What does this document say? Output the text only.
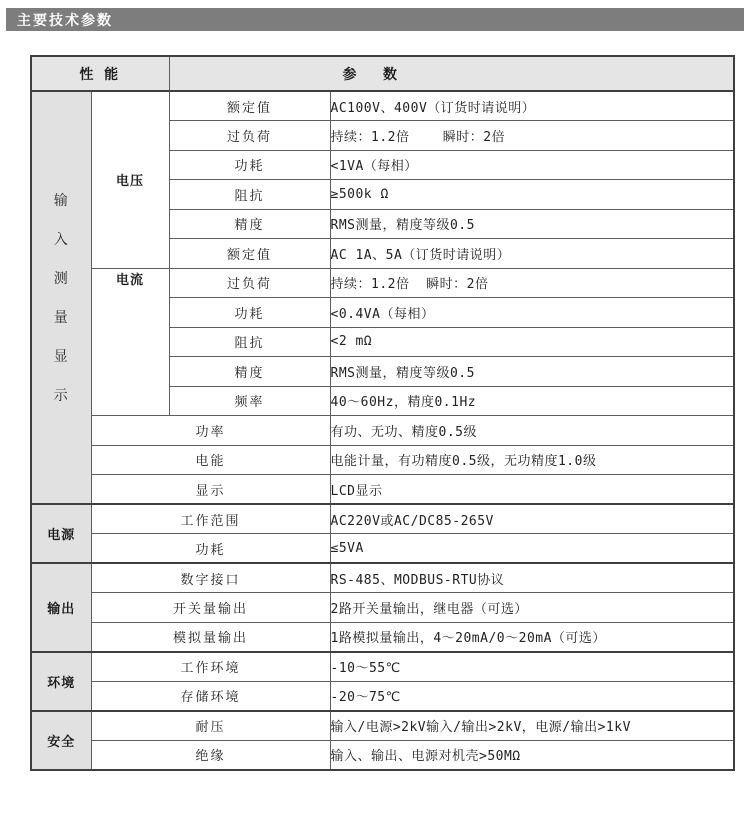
主要技术参数
性 能		参   数	

输
入
测
量
显
示
	电压	额定值	AC100V、400V（订货时请说明）
		过负荷	持续：1.2倍    瞬时：2倍
		功耗	<1VA（每相）
		阻抗	≥500k Ω
		精度	RMS测量，精度等级0.5
		额定值	AC 1A、5A（订货时请说明）
	电流	过负荷	持续：1.2倍  瞬时：2倍
		功耗	<0.4VA（每相）
		阻抗	<2 mΩ
		精度	RMS测量，精度等级0.5
		频率	40～60Hz，精度0.1Hz
	功率		有功、无功、精度0.5级
	电能		电能计量，有功精度0.5级，无功精度1.0级
	显示		LCD显示
电源	工作范围		AC220V或AC/DC85-265V
	功耗		≤5VA
输出	数字接口		RS-485、MODBUS-RTU协议
	开关量输出		2路开关量输出，继电器（可选）
	模拟量输出		1路模拟量输出，4～20mA/0～20mA（可选）
环境	工作环境		-10～55℃
	存储环境		-20～75℃
安全	耐压		输入/电源>2kV输入/输出>2kV，电源/输出>1kV
	绝缘		输入、输出、电源对机壳>50MΩ
